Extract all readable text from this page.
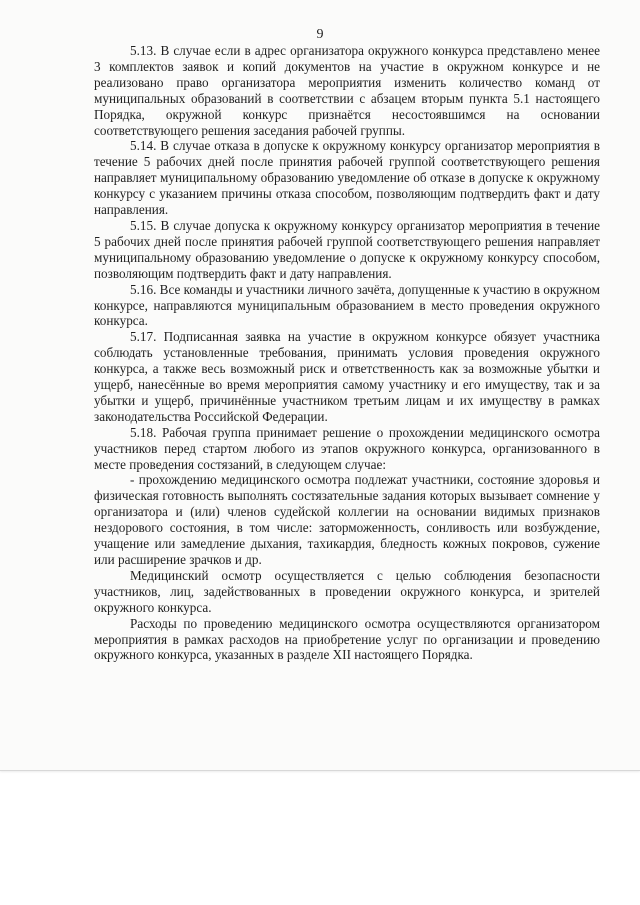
9

5.13. В случае если в адрес организатора окружного конкурса представлено менее 3 комплектов заявок и копий документов на участие в окружном конкурсе и не реализовано право организатора мероприятия изменить количество команд от муниципальных образований в соответствии с абзацем вторым пункта 5.1 настоящего Порядка, окружной конкурс признаётся несостоявшимся на основании соответствующего решения заседания рабочей группы.

5.14. В случае отказа в допуске к окружному конкурсу организатор мероприятия в течение 5 рабочих дней после принятия рабочей группой соответствующего решения направляет муниципальному образованию уведомление об отказе в допуске к окружному конкурсу с указанием причины отказа способом, позволяющим подтвердить факт и дату направления.

5.15. В случае допуска к окружному конкурсу организатор мероприятия в течение 5 рабочих дней после принятия рабочей группой соответствующего решения направляет муниципальному образованию уведомление о допуске к окружному конкурсу способом, позволяющим подтвердить факт и дату направления.

5.16. Все команды и участники личного зачёта, допущенные к участию в окружном конкурсе, направляются муниципальным образованием в место проведения окружного конкурса.

5.17. Подписанная заявка на участие в окружном конкурсе обязует участника соблюдать установленные требования, принимать условия проведения окружного конкурса, а также весь возможный риск и ответственность как за возможные убытки и ущерб, нанесённые во время мероприятия самому участнику и его имуществу, так и за убытки и ущерб, причинённые участником третьим лицам и их имуществу в рамках законодательства Российской Федерации.

5.18. Рабочая группа принимает решение о прохождении медицинского осмотра участников перед стартом любого из этапов окружного конкурса, организованного в месте проведения состязаний, в следующем случае:

- прохождению медицинского осмотра подлежат участники, состояние здоровья и физическая готовность выполнять состязательные задания которых вызывает сомнение у организатора и (или) членов судейской коллегии на основании видимых признаков нездорового состояния, в том числе: заторможенность, сонливость или возбуждение, учащение или замедление дыхания, тахикардия, бледность кожных покровов, сужение или расширение зрачков и др.

Медицинский осмотр осуществляется с целью соблюдения безопасности участников, лиц, задействованных в проведении окружного конкурса, и зрителей окружного конкурса.

Расходы по проведению медицинского осмотра осуществляются организатором мероприятия в рамках расходов на приобретение услуг по организации и проведению окружного конкурса, указанных в разделе XII настоящего Порядка.
